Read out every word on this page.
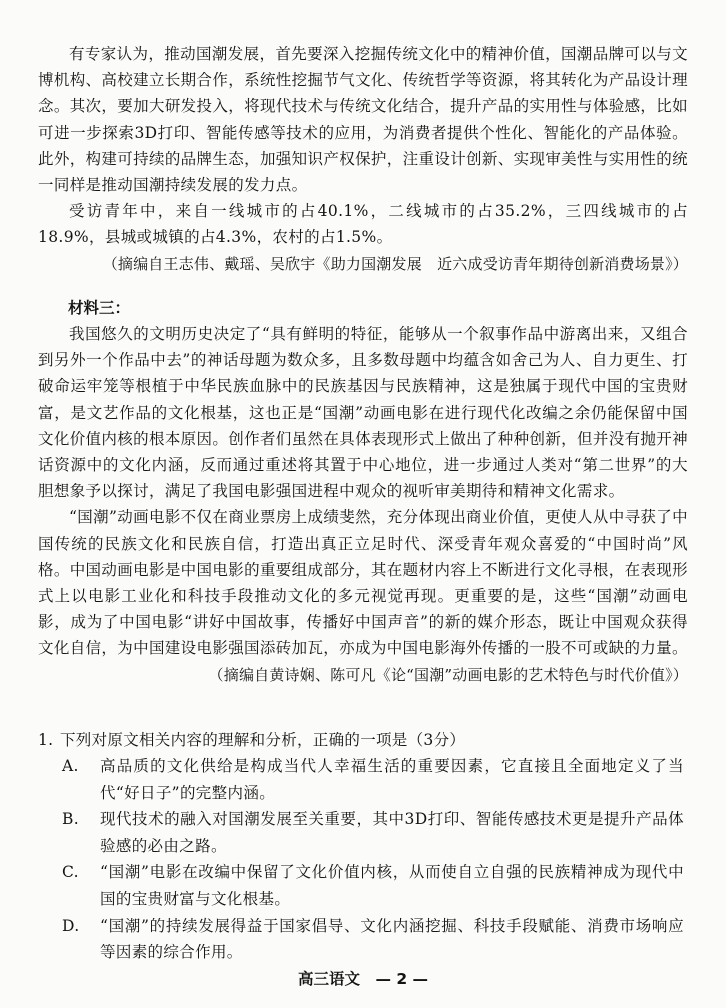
有专家认为，推动国潮发展，首先要深入挖掘传统文化中的精神价值，国潮品牌可以与文博机构、高校建立长期合作，系统性挖掘节气文化、传统哲学等资源，将其转化为产品设计理念。其次，要加大研发投入，将现代技术与传统文化结合，提升产品的实用性与体验感，比如可进一步探索3D打印、智能传感等技术的应用，为消费者提供个性化、智能化的产品体验。此外，构建可持续的品牌生态，加强知识产权保护，注重设计创新、实现审美性与实用性的统一同样是推动国潮持续发展的发力点。

受访青年中，来自一线城市的占40.1%，二线城市的占35.2%，三四线城市的占18.9%，县城或城镇的占4.3%，农村的占1.5%。

（摘编自王志伟、戴瑶、吴欣宇《助力国潮发展　近六成受访青年期待创新消费场景》）

材料三：

我国悠久的文明历史决定了“具有鲜明的特征，能够从一个叙事作品中游离出来，又组合到另外一个作品中去”的神话母题为数众多，且多数母题中均蕴含如舍己为人、自力更生、打破命运牢笼等根植于中华民族血脉中的民族基因与民族精神，这是独属于现代中国的宝贵财富，是文艺作品的文化根基，这也正是“国潮”动画电影在进行现代化改编之余仍能保留中国文化价值内核的根本原因。创作者们虽然在具体表现形式上做出了种种创新，但并没有抛开神话资源中的文化内涵，反而通过重述将其置于中心地位，进一步通过人类对“第二世界”的大胆想象予以探讨，满足了我国电影强国进程中观众的视听审美期待和精神文化需求。

“国潮”动画电影不仅在商业票房上成绩斐然，充分体现出商业价值，更使人从中寻获了中国传统的民族文化和民族自信，打造出真正立足时代、深受青年观众喜爱的“中国时尚”风格。中国动画电影是中国电影的重要组成部分，其在题材内容上不断进行文化寻根，在表现形式上以电影工业化和科技手段推动文化的多元视觉再现。更重要的是，这些“国潮”动画电影，成为了中国电影“讲好中国故事，传播好中国声音”的新的媒介形态，既让中国观众获得文化自信，为中国建设电影强国添砖加瓦，亦成为中国电影海外传播的一股不可或缺的力量。

（摘编自黄诗娴、陈可凡《论“国潮”动画电影的艺术特色与时代价值》）

1. 下列对原文相关内容的理解和分析，正确的一项是（3分）

A. 高品质的文化供给是构成当代人幸福生活的重要因素，它直接且全面地定义了当代“好日子”的完整内涵。

B. 现代技术的融入对国潮发展至关重要，其中3D打印、智能传感技术更是提升产品体验感的必由之路。

C. “国潮”电影在改编中保留了文化价值内核，从而使自立自强的民族精神成为现代中国的宝贵财富与文化根基。

D. “国潮”的持续发展得益于国家倡导、文化内涵挖掘、科技手段赋能、消费市场响应等因素的综合作用。

高三语文　— 2 —
